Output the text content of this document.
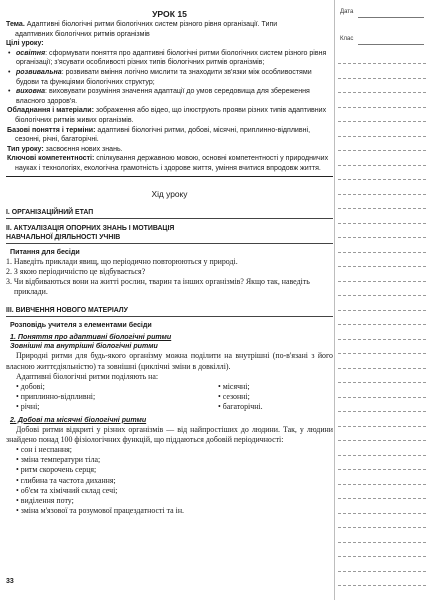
УРОК 15
Тема. Адаптивні біологічні ритми біологічних систем різного рівня організації. Типи
адаптивних біологічних ритмів організмів
Цілі уроку:
• освітня: сформувати поняття про адаптивні біологічні ритми біологічних систем різного рівня організації; з'ясувати особливості різних типів біологічних ритмів організмів;
• розвивальна: розвивати вміння логічно мислити та знаходити зв'язки між особливостями будови та функціями біологічних структур;
• виховна: виховувати розуміння значення адаптації до умов середовища для збереження власного здоров'я.
Обладнання і матеріали: зображення або відео, що ілюструють прояви різних типів адаптивних біологічних ритмів живих організмів.
Базові поняття і терміни: адаптивні біологічні ритми, добові, місячні, приплинно-відпливні, сезонні, річні, багаторічні.
Тип уроку: засвоєння нових знань.
Ключові компетентності: спілкування державною мовою, основні компетентності у природничих науках і технологіях, екологічна грамотність і здорове життя, уміння вчитися впродовж життя.
Хід уроку
І. ОРГАНІЗАЦІЙНИЙ ЕТАП
ІІ. АКТУАЛІЗАЦІЯ ОПОРНИХ ЗНАНЬ І МОТИВАЦІЯ
НАВЧАЛЬНОЇ ДІЯЛЬНОСТІ УЧНІВ
Питання для бесіди
1. Наведіть приклади явищ, що періодично повторюються у природі.
2. З якою періодичністю це відбувається?
3. Чи відбиваються вони на житті рослин, тварин та інших організмів? Якщо так, наведіть приклади.
ІІІ. ВИВЧЕННЯ НОВОГО МАТЕРІАЛУ
Розповідь учителя з елементами бесіди
1. Поняття про адаптивні біологічні ритми
Зовнішні та внутрішні біологічні ритми
Природні ритми для будь-якого організму можна поділити на внутрішні (по-в'язані з його власною життєдіяльністю) та зовнішні (циклічні зміни в довкіллі).
Адаптивні біологічні ритми поділяють на:
• добові;
• приплинно-відпливні;
• річні;
• місячні;
• сезонні;
• багаторічні.
2. Добові та місячні біологічні ритми
Добові ритми відкриті у різних організмів — від найпростіших до людини. Так, у людини знайдено понад 100 фізіологічних функцій, що піддаються добовій періодичності:
• сон і неспання;
• зміна температури тіла;
• ритм скорочень серця;
• глибина та частота дихання;
• об'єм та хімічний склад сечі;
• виділення поту;
• зміна м'язової та розумової працездатності та ін.
33
Дата
Клас
